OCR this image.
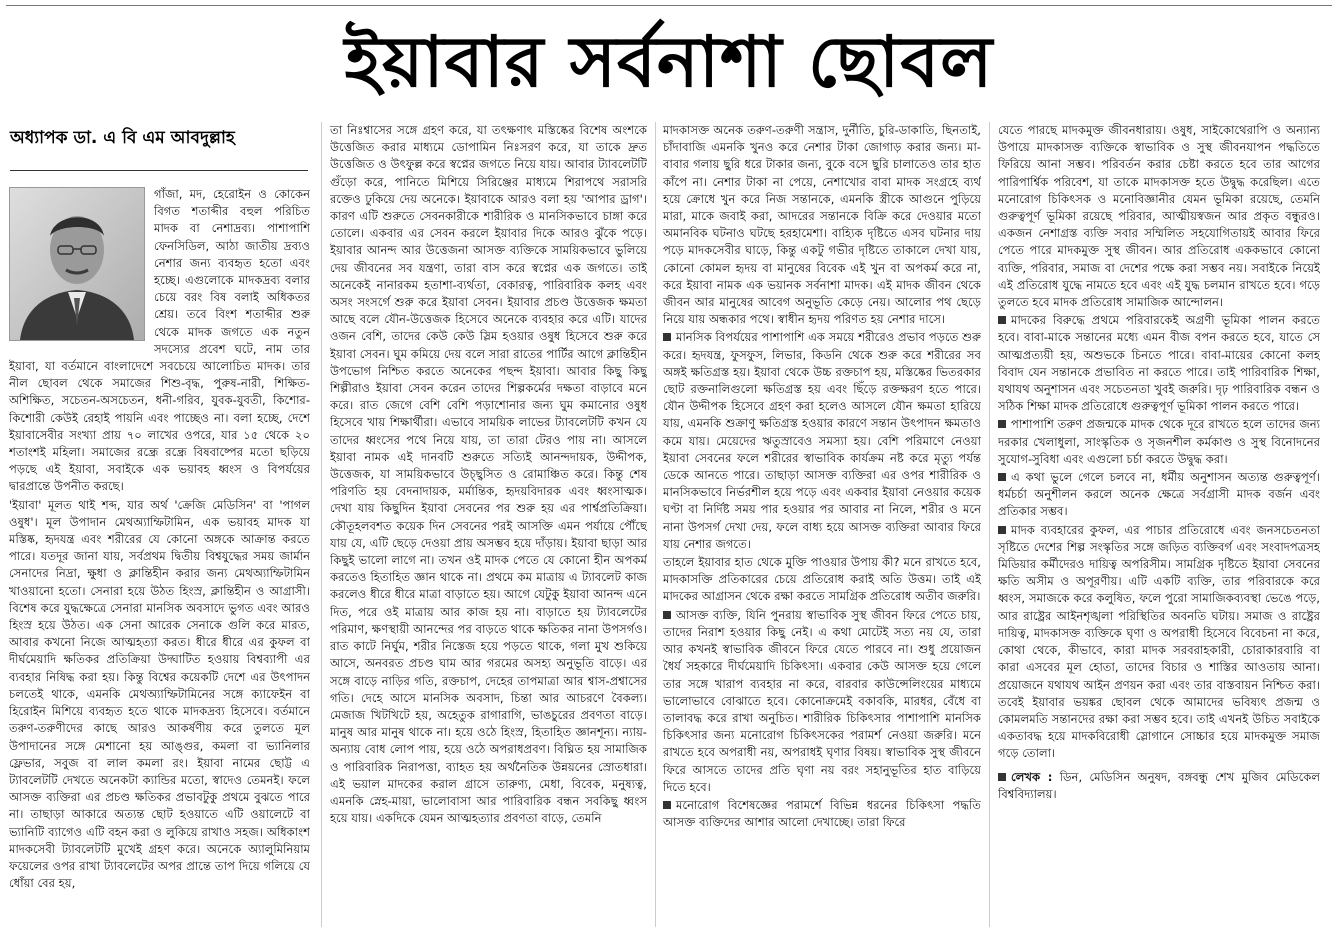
ইয়াবার সর্বনাশা ছোবল
অধ্যাপক ডা. এ বি এম আবদুল্লাহ

গাঁজা, মদ, হেরোইন ও কোকেন বিগত শতাব্দীর বহুল পরিচিত মাদক বা নেশাদ্রব্য। পাশাপাশি ফেনসিডিল, আঠা জাতীয় দ্রব্যও নেশার জন্য ব্যবহৃত হতো এবং হচ্ছে। এগুলোকে মাদকদ্রব্য বলার চেয়ে বরং বিষ বলাই অধিকতর শ্রেয়। তবে বিংশ শতাব্দীর শুরু থেকে মাদক জগতে এক নতুন সদস্যের প্রবেশ ঘটে, নাম তার ইয়াবা, যা বর্তমানে বাংলাদেশে সবচেয়ে আলোচিত মাদক। তার নীল ছোবল থেকে সমাজের শিশু-বৃদ্ধ, পুরুষ-নারী, শিক্ষিত-অশিক্ষিত, সচেতন-অসচেতন, ধনী-গরিব, যুবক-যুবতী, কিশোর-কিশোরী কেউই রেহাই পায়নি এবং পাচ্ছেও না। বলা হচ্ছে, দেশে ইয়াবাসেবীর সংখ্যা প্রায় ৭০ লাখের ওপরে, যার ১৫ থেকে ২০ শতাংশই মহিলা। সমাজের রন্ধ্রে রন্ধ্রে বিষবাষ্পের মতো ছড়িয়ে পড়ছে এই ইয়াবা, সবাইকে এক ভয়াবহ ধ্বংস ও বিপর্যয়ের দ্বারপ্রান্তে উপনীত করছে।

'ইয়াবা' মূলত থাই শব্দ, যার অর্থ 'ক্রেজি মেডিসিন' বা 'পাগল ওষুধ'। মূল উপাদান মেথঅ্যাম্ফিটামিন, এক ভয়াবহ মাদক যা মস্তিষ্ক, হৃদযন্ত্র এবং শরীরের যে কোনো অঙ্গকে আক্রান্ত করতে পারে। যতদূর জানা যায়, সর্বপ্রথম দ্বিতীয় বিশ্বযুদ্ধের সময় জার্মান সেনাদের নিদ্রা, ক্ষুধা ও ক্লান্তিহীন করার জন্য মেথঅ্যাম্ফিটামিন খাওয়ানো হতো। সেনারা হয়ে উঠত হিংস্র, ক্লান্তিহীন ও আগ্রাসী। বিশেষ করে যুদ্ধক্ষেত্রে সেনারা মানসিক অবসাদে ভুগত এবং আরও হিংস্র হয়ে উঠত। এক সেনা আরেক সেনাকে গুলি করে মারত, আবার কখনো নিজে আত্মহত্যা করত। ধীরে ধীরে এর কুফল বা দীর্ঘমেয়াদি ক্ষতিকর প্রতিক্রিয়া উদ্ঘাটিত হওয়ায় বিশ্বব্যাপী এর ব্যবহার নিষিদ্ধ করা হয়। কিন্তু বিশ্বের কয়েকটি দেশে এর উৎপাদন চলতেই থাকে, এমনকি মেথঅ্যাম্ফিটামিনের সঙ্গে ক্যাফেইন বা হিরোইন মিশিয়ে ব্যবহৃত হতে থাকে মাদকদ্রব্য হিসেবে। বর্তমানে তরুণ-তরুণীদের কাছে আরও আকর্ষণীয় করে তুলতে মূল উপাদানের সঙ্গে মেশানো হয় আঙ্গুর, কমলা বা ভ্যানিলার ফ্লেভার, সবুজ বা লাল কমলা রং। ইয়াবা নামের ছোট্ট এ ট্যাবলেটটি দেখতে অনেকটা ক্যান্ডির মতো, স্বাদেও তেমনই। ফলে আসক্ত ব্যক্তিরা এর প্রচণ্ড ক্ষতিকর প্রভাবটুকু প্রথমে বুঝতে পারে না। তাছাড়া আকারে অত্যন্ত ছোট হওয়াতে এটি ওয়ালেটে বা ভ্যানিটি ব্যাগেও এটি বহন করা ও লুকিয়ে রাখাও সহজ। অধিকাংশ মাদকসেবী ট্যাবলেটটি মুখেই গ্রহণ করে। অনেকে অ্যালুমিনিয়াম ফয়েলের ওপর রাখা ট্যাবলেটের অপর প্রান্তে তাপ দিয়ে গলিয়ে যে ধোঁয়া বের হয়,

তা নিঃশ্বাসের সঙ্গে গ্রহণ করে, যা তৎক্ষণাৎ মস্তিষ্কের বিশেষ অংশকে উত্তেজিত করার মাধ্যমে ডোপামিন নিঃসরণ করে, যা তাকে দ্রুত উত্তেজিত ও উৎফুল্ল করে স্বপ্নের জগতে নিয়ে যায়। আবার ট্যাবলেটটি গুঁড়ো করে, পানিতে মিশিয়ে সিরিঞ্জের মাধ্যমে শিরাপথে সরাসরি রক্তেও ঢুকিয়ে দেয় অনেকে। ইয়াবাকে আরও বলা হয় 'আপার ড্রাগ'। কারণ এটি শুরুতে সেবনকারীকে শারীরিক ও মানসিকভাবে চাঙ্গা করে তোলে। একবার এর সেবন করলে ইয়াবার দিকে আরও ঝুঁকে পড়ে। ইয়াবার আনন্দ আর উত্তেজনা আসক্ত ব্যক্তিকে সাময়িকভাবে ভুলিয়ে দেয় জীবনের সব যন্ত্রণা, তারা বাস করে স্বপ্নের এক জগতে। তাই অনেকেই নানারকম হতাশা-ব্যর্থতা, বেকারত্ব, পারিবারিক কলহ এবং অসং সংসর্গে শুরু করে ইয়াবা সেবন। ইয়াবার প্রচণ্ড উত্তেজক ক্ষমতা আছে বলে যৌন-উত্তেজক হিসেবে অনেকে ব্যবহার করে এটি। যাদের ওজন বেশি, তাদের কেউ কেউ স্লিম হওয়ার ওষুধ হিসেবে শুরু করে ইয়াবা সেবন। ঘুম কমিয়ে দেয় বলে সারা রাতের পার্টির আগে ক্লান্তিহীন উপভোগ নিশ্চিত করতে অনেকের পছন্দ ইয়াবা। আবার কিছু কিছু শিল্পীরাও ইয়াবা সেবন করেন তাদের শিল্পকর্মের দক্ষতা বাড়াবে মনে করে। রাত জেগে বেশি বেশি পড়াশোনার জন্য ঘুম কমানোর ওষুধ হিসেবে খায় শিক্ষার্থীরা। এভাবে সাময়িক লাভের ট্যাবলেটটি কখন যে তাদের ধ্বংসের পথে নিয়ে যায়, তা তারা টেরও পায় না। আসলে ইয়াবা নামক এই দানবটি শুরুতে সত্যিই আনন্দদায়ক, উদ্দীপক, উত্তেজক, যা সাময়িকভাবে উচ্ছ্বসিত ও রোমাঞ্চিত করে। কিন্তু শেষ পরিণতি হয় বেদনাদায়ক, মর্মান্তিক, হৃদয়বিদারক এবং ধ্বংসাত্মক। দেখা যায় কিছুদিন ইয়াবা সেবনের পর শুরু হয় এর পার্শ্বপ্রতিক্রিয়া। কৌতূহলবশত কয়েক দিন সেবনের পরই আসক্তি এমন পর্যায়ে পৌঁছে যায় যে, এটি ছেড়ে দেওয়া প্রায় অসম্ভব হয়ে দাঁড়ায়। ইয়াবা ছাড়া আর কিছুই ভালো লাগে না। তখন ওই মাদক পেতে যে কোনো হীন অপকর্ম করতেও হিতাহিত জ্ঞান থাকে না। প্রথমে কম মাত্রায় এ ট্যাবলেট কাজ করলেও ধীরে ধীরে মাত্রা বাড়াতে হয়। আগে যেটুকু ইয়াবা আনন্দ এনে দিত, পরে ওই মাত্রায় আর কাজ হয় না। বাড়াতে হয় ট্যাবলেটের পরিমাণ, ক্ষণস্থায়ী আনন্দের পর বাড়তে থাকে ক্ষতিকর নানা উপসর্গও। রাত কাটে নির্ঘুম, শরীর নিস্তেজ হয়ে পড়তে থাকে, গলা মুখ শুকিয়ে আসে, অনবরত প্রচণ্ড ঘাম আর গরমের অসহ্য অনুভূতি বাড়ে। এর সঙ্গে বাড়ে নাড়ির গতি, রক্তচাপ, দেহের তাপমাত্রা আর শ্বাস-প্রশ্বাসের গতি। দেহে আসে মানসিক অবসাদ, চিন্তা আর আচরণে বৈকল্য। মেজাজ খিটখিটে হয়, অহেতুক রাগারাগি, ভাঙচুরের প্রবণতা বাড়ে। মানুষ আর মানুষ থাকে না। হয়ে ওঠে হিংস্র, হিতাহিত জ্ঞানশূন্য। ন্যায়-অন্যায় বোধ লোপ পায়, হয়ে ওঠে অপরাধপ্রবণ। বিঘ্নিত হয় সামাজিক ও পারিবারিক নিরাপত্তা, ব্যাহত হয় অর্থনৈতিক উন্নয়নের স্রোতধারা। এই ভয়াল মাদকের করাল গ্রাসে তারুণ্য, মেধা, বিবেক, মনুষ্যত্ব, এমনকি স্নেহ-মায়া, ভালোবাসা আর পারিবারিক বন্ধন সবকিছু ধ্বংস হয়ে যায়। একদিকে যেমন আত্মহত্যার প্রবণতা বাড়ে, তেমনি

মাদকাসক্ত অনেক তরুণ-তরুণী সন্ত্রাস, দুর্নীতি, চুরি-ডাকাতি, ছিনতাই, চাঁদাবাজি এমনকি খুনও করে নেশার টাকা জোগাড় করার জন্য। মা-বাবার গলায় ছুরি ধরে টাকার জন্য, বুকে বসে ছুরি চালাতেও তার হাত কাঁপে না। নেশার টাকা না পেয়ে, নেশাখোর বাবা মাদক সংগ্রহে ব্যর্থ হয়ে ক্রোধে খুন করে নিজ সন্তানকে, এমনকি স্ত্রীকে আগুনে পুড়িয়ে মারা, মাকে জবাই করা, আদরের সন্তানকে বিক্রি করে দেওয়ার মতো অমানবিক ঘটনাও ঘটছে হরহামেশা। বাহ্যিক দৃষ্টিতে এসব ঘটনার দায় পড়ে মাদকসেবীর ঘাড়ে, কিন্তু একটু গভীর দৃষ্টিতে তাকালে দেখা যায়, কোনো কোমল হৃদয় বা মানুষের বিবেক এই খুন বা অপকর্ম করে না, করে ইয়াবা নামক এক ভয়ানক সর্বনাশা মাদক। এই মাদক জীবন থেকে জীবন আর মানুষের আবেগ অনুভূতি কেড়ে নেয়। আলোর পথ ছেড়ে নিয়ে যায় অন্ধকার পথে। স্বাধীন হৃদয় পরিণত হয় নেশার দাসে।

মানসিক বিপর্যয়ের পাশাপাশি এক সময়ে শরীরেও প্রভাব পড়তে শুরু করে। হৃদযন্ত্র, ফুসফুস, লিভার, কিডনি থেকে শুরু করে শরীরের সব অঙ্গই ক্ষতিগ্রস্ত হয়। ইয়াবা থেকে উচ্চ রক্তচাপ হয়, মস্তিষ্কের ভিতরকার ছোট রক্তনালিগুলো ক্ষতিগ্রস্ত হয় এবং ছিঁড়ে রক্তক্ষরণ হতে পারে। যৌন উদ্দীপক হিসেবে গ্রহণ করা হলেও আসলে যৌন ক্ষমতা হারিয়ে যায়, এমনকি শুক্রাণু ক্ষতিগ্রস্ত হওয়ার কারণে সন্তান উৎপাদন ক্ষমতাও কমে যায়। মেয়েদের ঋতুস্রাবেও সমস্যা হয়। বেশি পরিমাণে নেওয়া ইয়াবা সেবনের ফলে শরীরের স্বাভাবিক কার্যক্রম নষ্ট করে মৃত্যু পর্যন্ত ডেকে আনতে পারে। তাছাড়া আসক্ত ব্যক্তিরা এর ওপর শারীরিক ও মানসিকভাবে নির্ভরশীল হয়ে পড়ে এবং একবার ইয়াবা নেওয়ার কয়েক ঘণ্টা বা নির্দিষ্ট সময় পার হওয়ার পর আবার না নিলে, শরীর ও মনে নানা উপসর্গ দেখা দেয়, ফলে বাধ্য হয়ে আসক্ত ব্যক্তিরা আবার ফিরে যায় নেশার জগতে।

তাহলে ইয়াবার হাত থেকে মুক্তি পাওয়ার উপায় কী? মনে রাখতে হবে, মাদকাসক্তি প্রতিকারের চেয়ে প্রতিরোধ করাই অতি উত্তম। তাই এই মাদকের আগ্রাসন থেকে রক্ষা করতে সামগ্রিক প্রতিরোধ অতীব জরুরি।

আসক্ত ব্যক্তি, যিনি পুনরায় স্বাভাবিক সুস্থ জীবন ফিরে পেতে চায়, তাদের নিরাশ হওয়ার কিছু নেই। এ কথা মোটেই সত্য নয় যে, তারা আর কখনই স্বাভাবিক জীবনে ফিরে যেতে পারবে না। শুধু প্রয়োজন ধৈর্য সহকারে দীর্ঘমেয়াদি চিকিৎসা। একবার কেউ আসক্ত হয়ে গেলে তার সঙ্গে খারাপ ব্যবহার না করে, বারবার কাউন্সেলিংয়ের মাধ্যমে ভালোভাবে বোঝাতে হবে। কোনোক্রমেই বকাবকি, মারধর, বেঁধে বা তালাবদ্ধ করে রাখা অনুচিত। শারীরিক চিকিৎসার পাশাপাশি মানসিক চিকিৎসার জন্য মনোরোগ চিকিৎসকের পরামর্শ নেওয়া জরুরি। মনে রাখতে হবে অপরাধী নয়, অপরাধই ঘৃণার বিষয়। স্বাভাবিক সুস্থ জীবনে ফিরে আসতে তাদের প্রতি ঘৃণা নয় বরং সহানুভূতির হাত বাড়িয়ে দিতে হবে।

মনোরোগ বিশেষজ্ঞের পরামর্শে বিভিন্ন ধরনের চিকিৎসা পদ্ধতি আসক্ত ব্যক্তিদের আশার আলো দেখাচ্ছে। তারা ফিরে

যেতে পারছে মাদকমুক্ত জীবনধারায়। ওষুধ, সাইকোথেরাপি ও অন্যান্য উপায়ে মাদকাসক্ত ব্যক্তিকে স্বাভাবিক ও সুস্থ জীবনযাপন পদ্ধতিতে ফিরিয়ে আনা সম্ভব। পরিবর্তন করার চেষ্টা করতে হবে তার আগের পারিপার্শ্বিক পরিবেশ, যা তাকে মাদকাসক্ত হতে উদ্বুদ্ধ করেছিল। এতে মনোরোগ চিকিৎসক ও মনোবিজ্ঞানীর যেমন ভূমিকা রয়েছে, তেমনি গুরুত্বপূর্ণ ভূমিকা রয়েছে পরিবার, আত্মীয়স্বজন আর প্রকৃত বন্ধুরও। একজন নেশাগ্রস্ত ব্যক্তি সবার সম্মিলিত সহযোগিতায়ই আবার ফিরে পেতে পারে মাদকমুক্ত সুস্থ জীবন। আর প্রতিরোধ এককভাবে কোনো ব্যক্তি, পরিবার, সমাজ বা দেশের পক্ষে করা সম্ভব নয়। সবাইকে নিয়েই এই প্রতিরোধ যুদ্ধে নামতে হবে এবং এই যুদ্ধ চলমান রাখতে হবে। গড়ে তুলতে হবে মাদক প্রতিরোধ সামাজিক আন্দোলন।

মাদকের বিরুদ্ধে প্রথমে পরিবারকেই অগ্রণী ভূমিকা পালন করতে হবে। বাবা-মাকে সন্তানের মধ্যে এমন বীজ বপন করতে হবে, যাতে সে আত্মপ্রত্যয়ী হয়, অশুভকে চিনতে পারে। বাবা-মায়ের কোনো কলহ বিবাদ যেন সন্তানকে প্রভাবিত না করতে পারে। তাই পারিবারিক শিক্ষা, যথাযথ অনুশাসন এবং সচেতনতা খুবই জরুরি। দৃঢ় পারিবারিক বন্ধন ও সঠিক শিক্ষা মাদক প্রতিরোধে গুরুত্বপূর্ণ ভূমিকা পালন করতে পারে।

পাশাপাশি তরুণ প্রজন্মকে মাদক থেকে দূরে রাখতে হলে তাদের জন্য দরকার খেলাধুলা, সাংস্কৃতিক ও সৃজনশীল কর্মকাণ্ড ও সুস্থ বিনোদনের সুযোগ-সুবিধা এবং এগুলো চর্চা করতে উদ্বুদ্ধ করা।

এ কথা ভুলে গেলে চলবে না, ধর্মীয় অনুশাসন অত্যন্ত গুরুত্বপূর্ণ। ধর্মচর্চা অনুশীলন করলে অনেক ক্ষেত্রে সর্বগ্রাসী মাদক বর্জন এবং প্রতিকার সম্ভব।

মাদক ব্যবহারের কুফল, এর পাচার প্রতিরোধে এবং জনসচেতনতা সৃষ্টিতে দেশের শিল্প সংস্কৃতির সঙ্গে জড়িত ব্যক্তিবর্গ এবং সংবাদপত্রসহ মিডিয়ার কর্মীদেরও দায়িত্ব অপরিসীম। সামগ্রিক দৃষ্টিতে ইয়াবা সেবনের ক্ষতি অসীম ও অপূরণীয়। এটি একটি ব্যক্তি, তার পরিবারকে করে ধ্বংস, সমাজকে করে কলুষিত, ফলে পুরো সামাজিকব্যবস্থা ভেঙে পড়ে, আর রাষ্ট্রের আইনশৃঙ্খলা পরিস্থিতির অবনতি ঘটায়। সমাজ ও রাষ্ট্রের দায়িত্ব, মাদকাসক্ত ব্যক্তিকে ঘৃণা ও অপরাধী হিসেবে বিবেচনা না করে, কোথা থেকে, কীভাবে, কারা মাদক সরবরাহকারী, চোরাকারবারি বা কারা এসবের মূল হোতা, তাদের বিচার ও শাস্তির আওতায় আনা। প্রয়োজনে যথাযথ আইন প্রণয়ন করা এবং তার বাস্তবায়ন নিশ্চিত করা। তবেই ইয়াবার ভয়ঙ্কর ছোবল থেকে আমাদের ভবিষ্যৎ প্রজন্ম ও কোমলমতি সন্তানদের রক্ষা করা সম্ভব হবে। তাই এখনই উচিত সবাইকে একতাবদ্ধ হয়ে মাদকবিরোধী স্লোগানে সোচ্চার হয়ে মাদকমুক্ত সমাজ গড়ে তোলা।

লেখক : ডিন, মেডিসিন অনুষদ, বঙ্গবন্ধু শেখ মুজিব মেডিকেল বিশ্ববিদ্যালয়।
